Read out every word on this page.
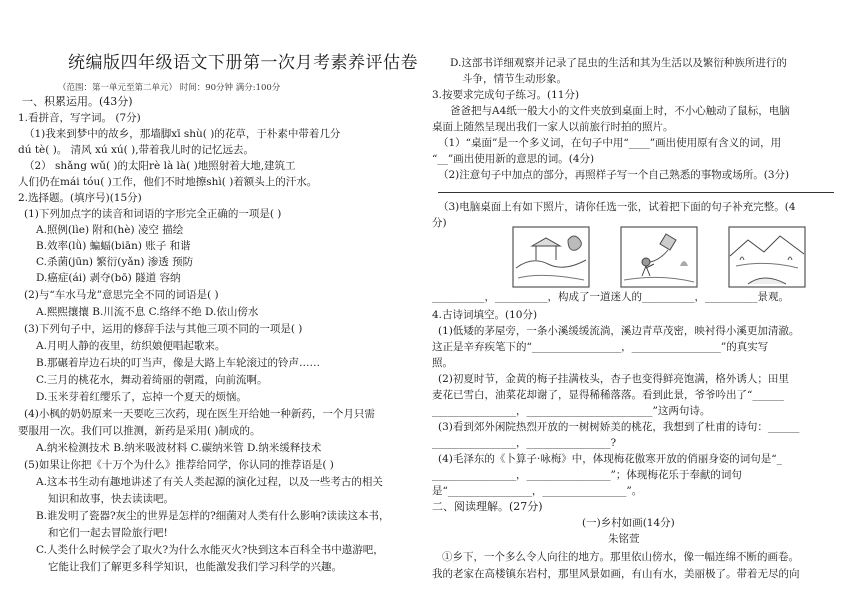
统编版四年级语文下册第一次月考素养评估卷
（范围：第一单元至第二单元） 时间：90分钟 满分:100分
一、积累运用。(43分)
1.看拼音，写字词。 (7分)
（1)我来到梦中的故乡，那墙脚xī shù( )的花草，于朴素中带着几分
dú tè( )。 清风 xú xú( ),带着我儿时的记忆远去。
（2） shǎng wǔ( )的太阳rè là là( )地照射着大地,建筑工
人们仍在mái tóu( )工作，他们不时地擦shì( )着额头上的汗水。
2.选择题。(填序号)(15分)
(1)下列加点字的读音和词语的字形完全正确的一项是( )
A.照例(lìe) 附和(hè) 凌空 描绘
B.效率(lǜ) 蝙蝠(biān) 账子 和谐
C.杀菌(jūn) 繁衍(yǎn) 渗透 预防
D.癌症(ái) 剥夺(bō) 隧道 容纳
(2)与“车水马龙”意思完全不同的词语是( )
A.熙熙攘攘 B.川流不息 C.络绎不绝 D.依山傍水
(3)下列句子中，运用的修辞手法与其他三项不同的一项是( )
A.月明人静的夜里，纺织娘便唱起歌来。
B.那碾着岸边石块的叮当声，像是大路上车轮滚过的铃声……
C.三月的桃花水，舞动着绮丽的朝霞，向前流啊。
D.玉米芽着红缨乐了，忘掉一个夏天的烦恼。
(4)小枫的奶奶原来一天要吃三次药，现在医生开给她一种新药，一个月只需
要服用一次。我们可以推测，新药是采用( )制成的。
A.纳米检测技术 B.纳米吸波材料 C.碳纳米管 D.纳米缓释技术
(5)如果让你把《十万个为什么》推荐给同学，你认同的推荐语是( )
A.这本书生动有趣地讲述了有关人类起源的演化过程，以及一些考古的相关
知识和故事，快去读读吧。
B.谁发明了瓷器?灰尘的世界是怎样的?细菌对人类有什么影响?读读这本书，
和它们一起去冒险旅行吧!
C.人类什么时候学会了取火?为什么水能灭火?快到这本百科全书中遨游吧，
它能让我们了解更多科学知识，也能激发我们学习科学的兴趣。
D.这部书详细观察并记录了昆虫的生活和其为生活以及繁衍种族所进行的
斗争，情节生动形象。
3.按要求完成句子练习。(11分)
爸爸把与A4纸一般大小的文件夹放到桌面上时，不小心触动了鼠标，电脑
桌面上随然呈现出我们一家人以前旅行时拍的照片。
（1）“桌面”是一个多义词，在句子中用“____”画出使用原有含义的词，用
“__”画出使用新的意思的词。(4分)
（2)注意句子中加点的部分，再照样子写一个自己熟悉的事物或场所。(3分)
（3)电脑桌面上有如下照片，请你任选一张，试着把下面的句子补充完整。(4
分)
__________，__________，构成了一道迷人的__________，__________景观。
4.古诗词填空。(10分)
(1)低矮的茅屋旁，一条小溪缓缓流淌，溪边青草茂密，映衬得小溪更加清澈。
这正是辛弃疾笔下的“_________________，_________________”的真实写
照。
(2)初夏时节，金黄的梅子挂满枝头，杏子也变得鲜亮饱满，格外诱人；田里
麦花已雪白，油菜花却谢了，显得稀稀落落。看到此景，爷爷吟出了“______
________________，________________________”这两句诗。
(3)看到郊外闲院热烈开放的一树树娇美的桃花，我想到了杜甫的诗句：______
________________，________________?
(4)毛泽东的《卜算子·咏梅》中，体现梅花傲寒开放的俏丽身姿的词句是“_
________________，________________”；体现梅花乐于奉献的词句
是“________________，________________”。
二、阅读理解。(27分)
(一)乡村如画(14分)
朱铭萱
①乡下，一个多么令人向往的地方。那里依山傍水，像一幅连绵不断的画卷。
我的老家在高楼镇东岩村，那里风景如画，有山有水，美丽极了。带着无尽的向
